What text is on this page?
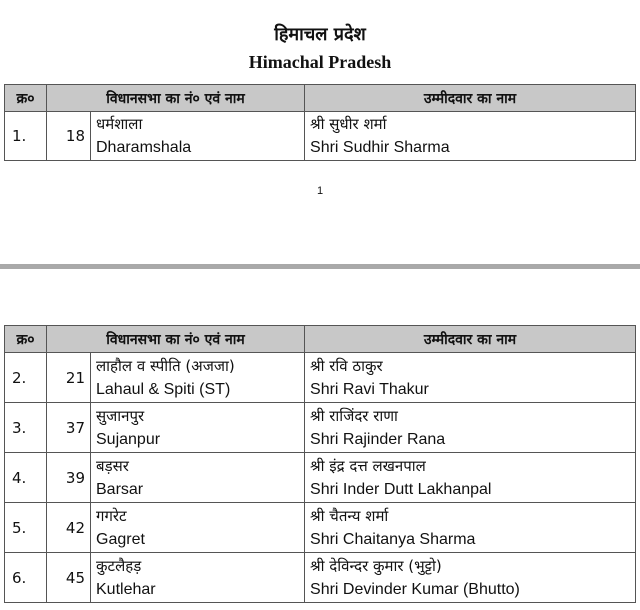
हिमाचल प्रदेश
Himachal Pradesh
1
क्र०	विधानसभा का नं० एवं नाम		उम्मीदवार का नाम
1.	18	धर्मशाला
Dharamshala	श्री सुधीर शर्मा
Shri Sudhir Sharma
क्र०	विधानसभा का नं० एवं नाम		उम्मीदवार का नाम
2.	21	लाहौल व स्पीति (अजजा)
Lahaul & Spiti (ST)	श्री रवि ठाकुर
Shri Ravi Thakur

3.	37	सुजानपुर
Sujanpur	श्री राजिंदर राणा
Shri Rajinder Rana

4.	39	बड़सर
Barsar	श्री इंद्र दत्त लखनपाल
Shri Inder Dutt Lakhanpal

5.	42	गगरेट
Gagret	श्री चैतन्य शर्मा
Shri Chaitanya Sharma

6.	45	कुटलैहड़
Kutlehar	श्री देविन्दर कुमार (भुट्टो)
Shri Devinder Kumar (Bhutto)
